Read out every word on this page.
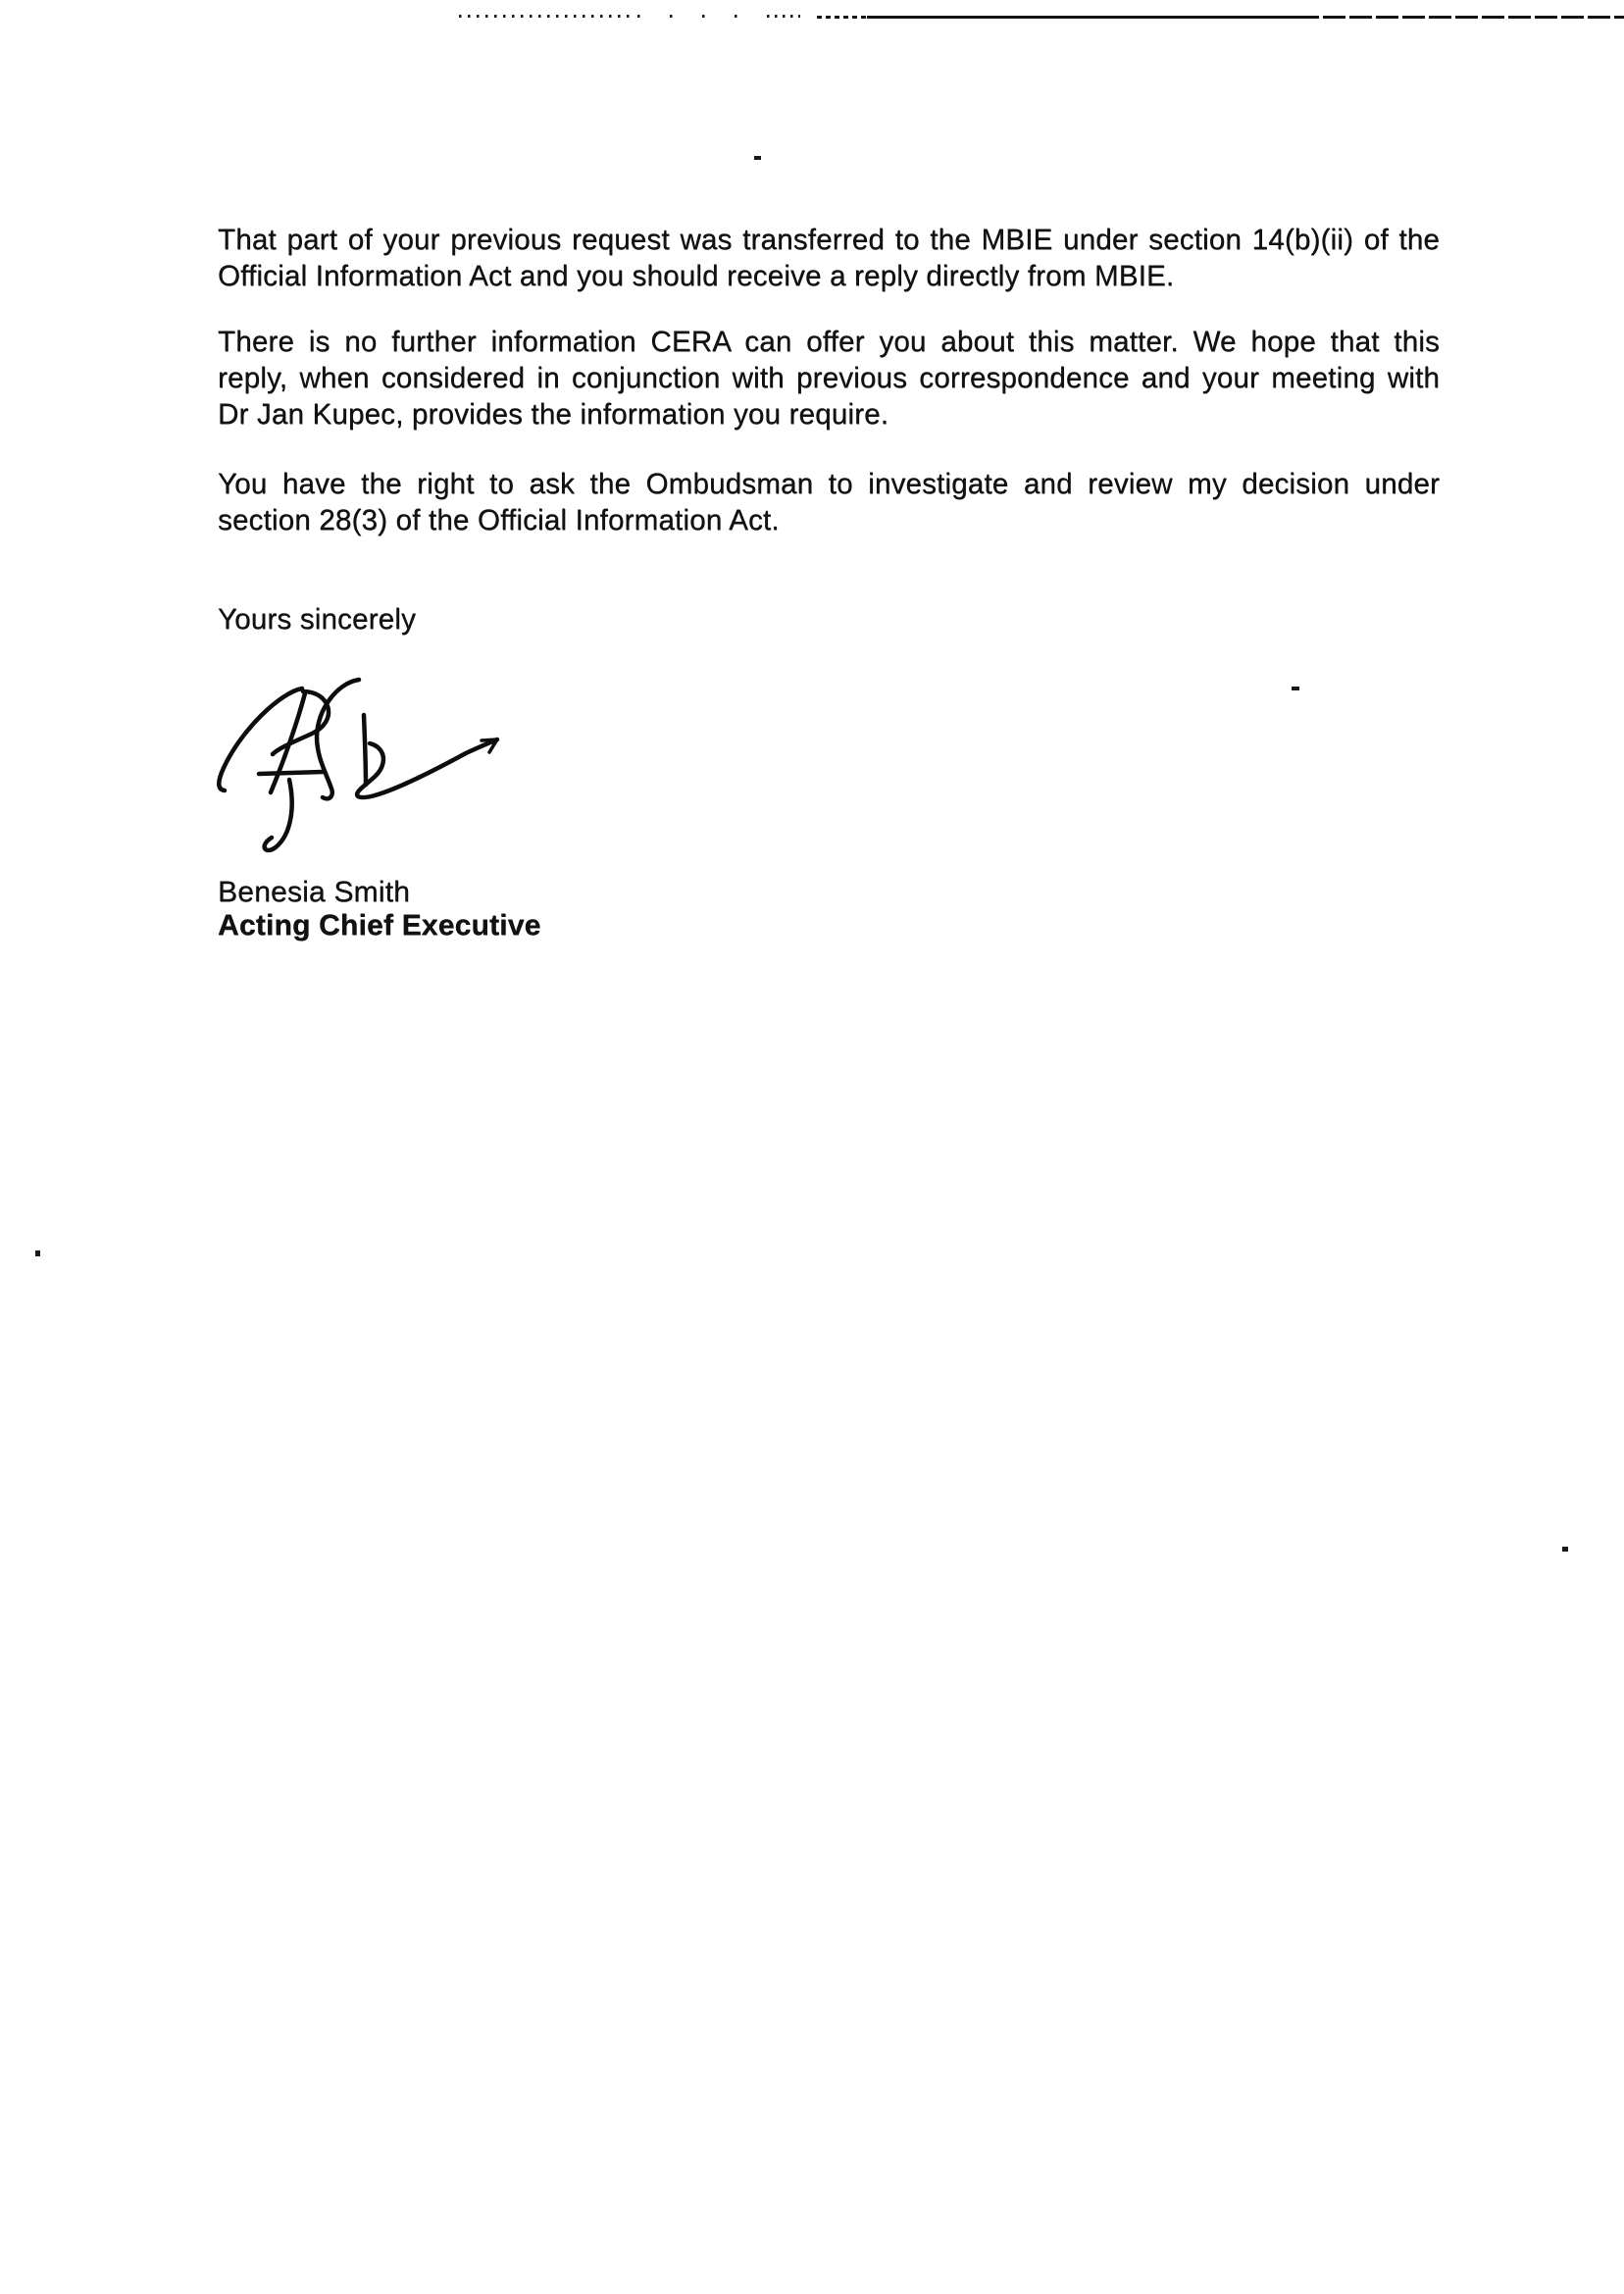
That part of your previous request was transferred to the MBIE under section 14(b)(ii) of the
Official Information Act and you should receive a reply directly from MBIE.
There is no further information CERA can offer you about this matter. We hope that this
reply, when considered in conjunction with previous correspondence and your meeting with
Dr Jan Kupec, provides the information you require.
You have the right to ask the Ombudsman to investigate and review my decision under
section 28(3) of the Official Information Act.
Yours sincerely
Benesia Smith
Acting Chief Executive
